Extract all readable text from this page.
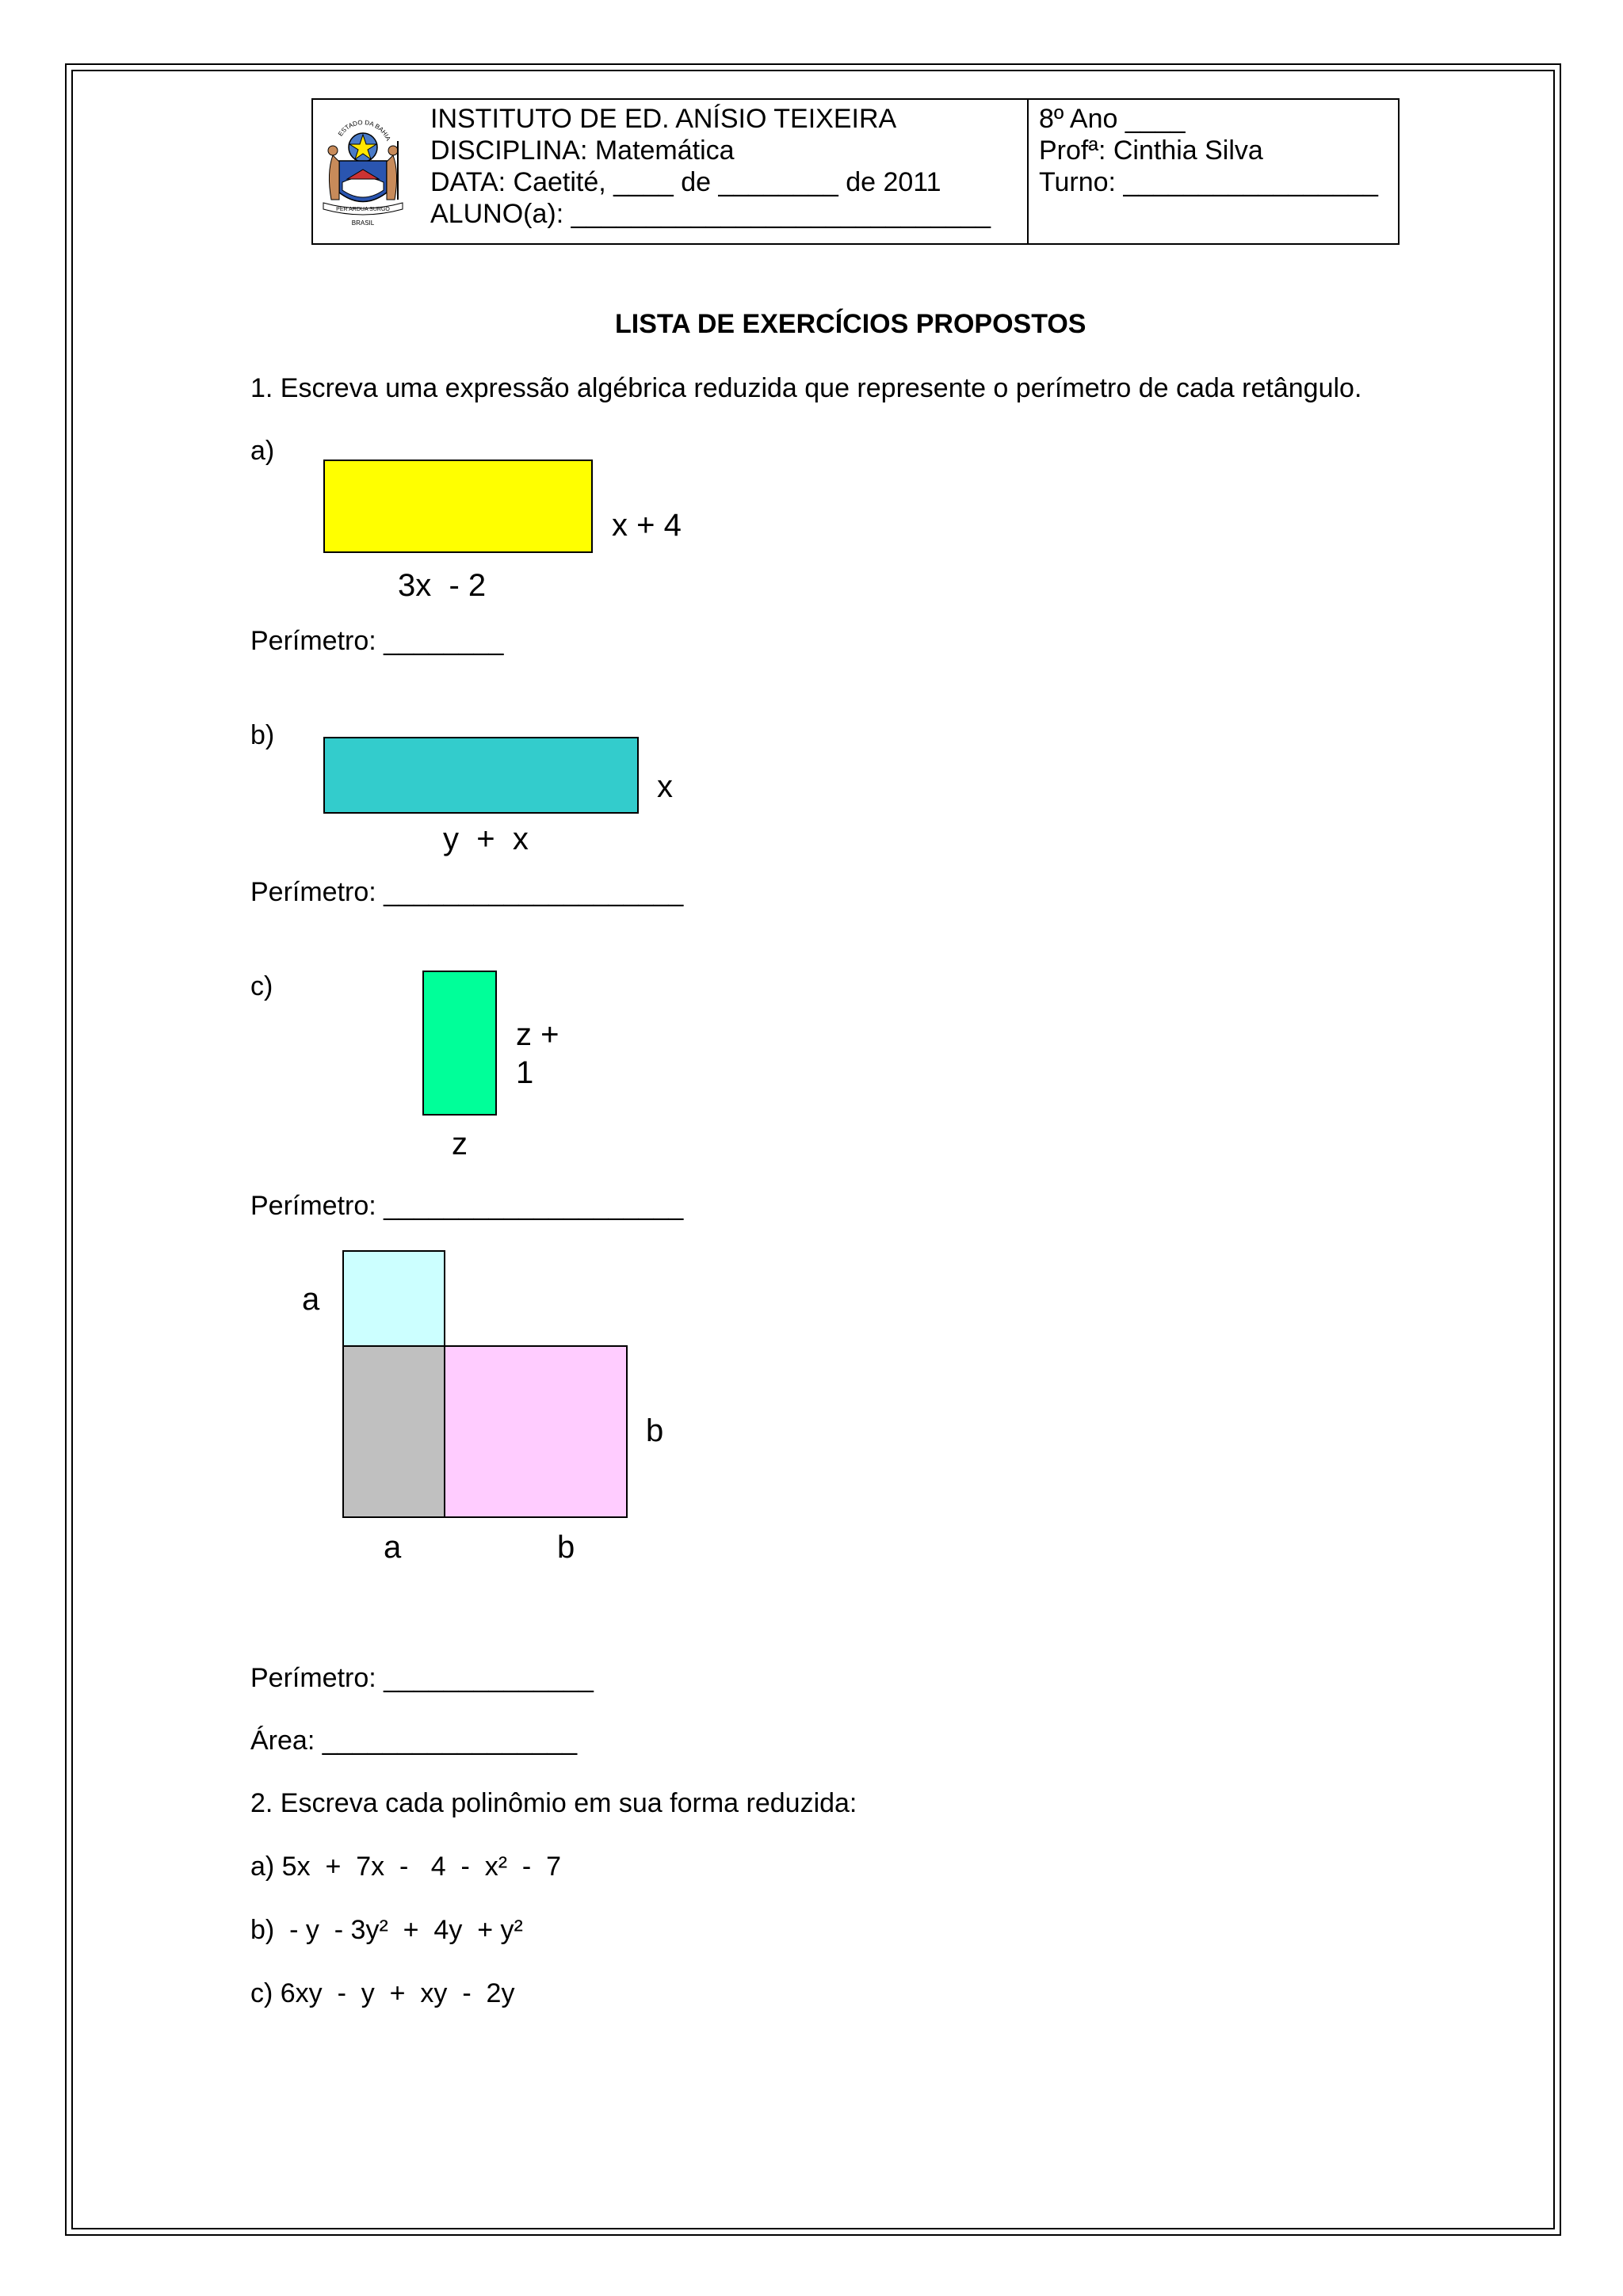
INSTITUTO DE ED. ANÍSIO TEIXEIRA
DISCIPLINA: Matemática
DATA: Caetité, ____ de ________ de 2011
ALUNO(a): ____________________________
8º Ano ____
Profª: Cinthia Silva
Turno: _________________
ESTADO DA BAHIA
PER ARDUA SURGO
BRASIL
LISTA DE EXERCÍCIOS PROPOSTOS
1. Escreva uma expressão algébrica reduzida que represente o perímetro de cada retângulo.
a)
x + 4
3x  - 2
Perímetro: ________
b)
x
y  +  x
Perímetro: ____________________
c)
z +
1
z
Perímetro: ____________________
a
b
a	b
Perímetro: ______________
Área: _________________
2. Escreva cada polinômio em sua forma reduzida:
a) 5x  +  7x  -   4  -  x²  -  7
b)  - y  - 3y²  +  4y  + y²
c) 6xy  -  y  +  xy  -  2y
